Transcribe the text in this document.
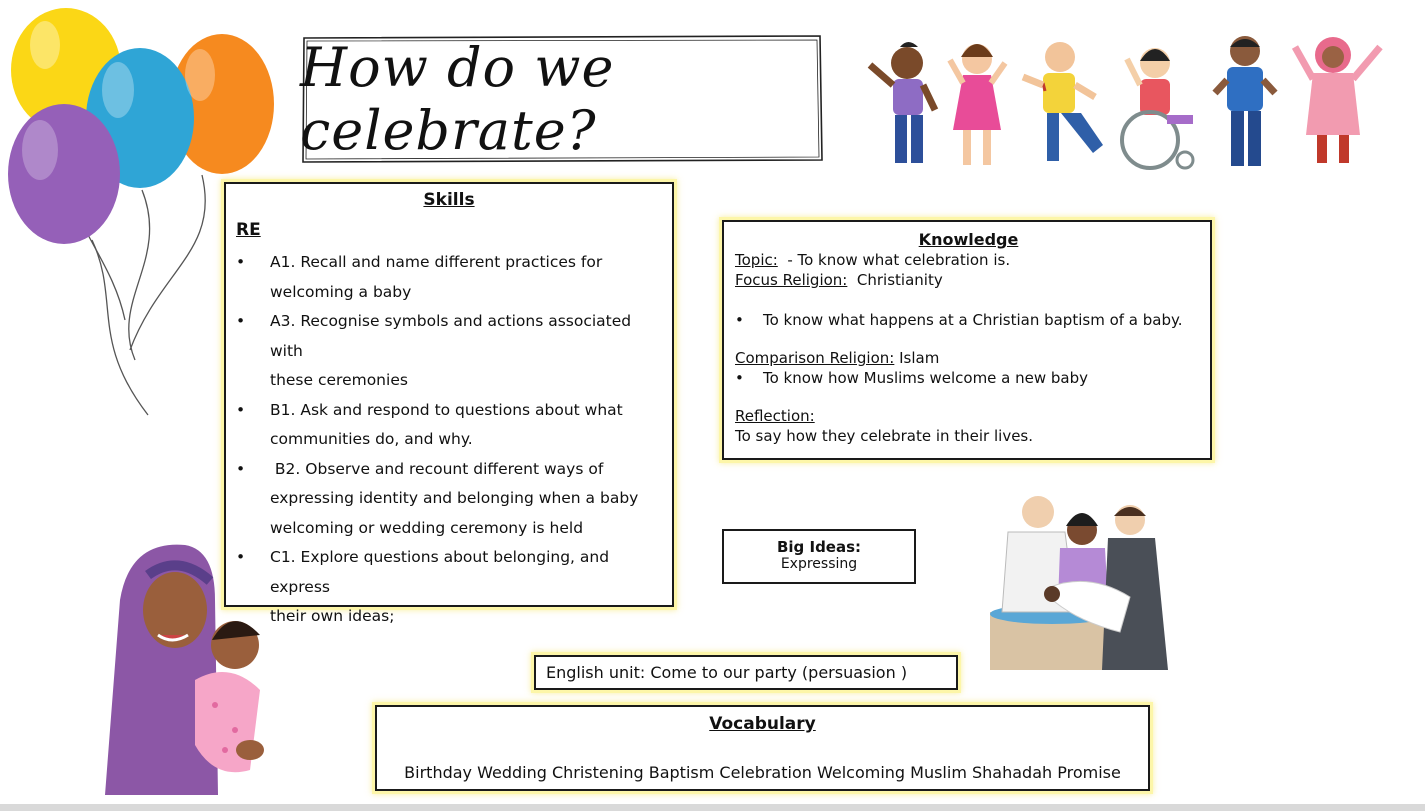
How do we celebrate?
Skills
RE
• A1. Recall and name different practices for
welcoming a baby
• A3. Recognise symbols and actions associated with
these ceremonies
• B1. Ask and respond to questions about what
communities do, and why.
•  B2. Observe and recount different ways of
expressing identity and belonging when a baby
welcoming or wedding ceremony is held
• C1. Explore questions about belonging, and express
their own ideas;
Knowledge
Topic:  - To know what celebration is.
Focus Religion:  Christianity
• To know what happens at a Christian baptism of a baby.
Comparison Religion: Islam
• To know how Muslims welcome a new baby
Reflection:
To say how they celebrate in their lives.
Big Ideas:
Expressing
English unit: Come to our party (persuasion )
Vocabulary
Birthday Wedding Christening Baptism Celebration Welcoming Muslim Shahadah Promise
